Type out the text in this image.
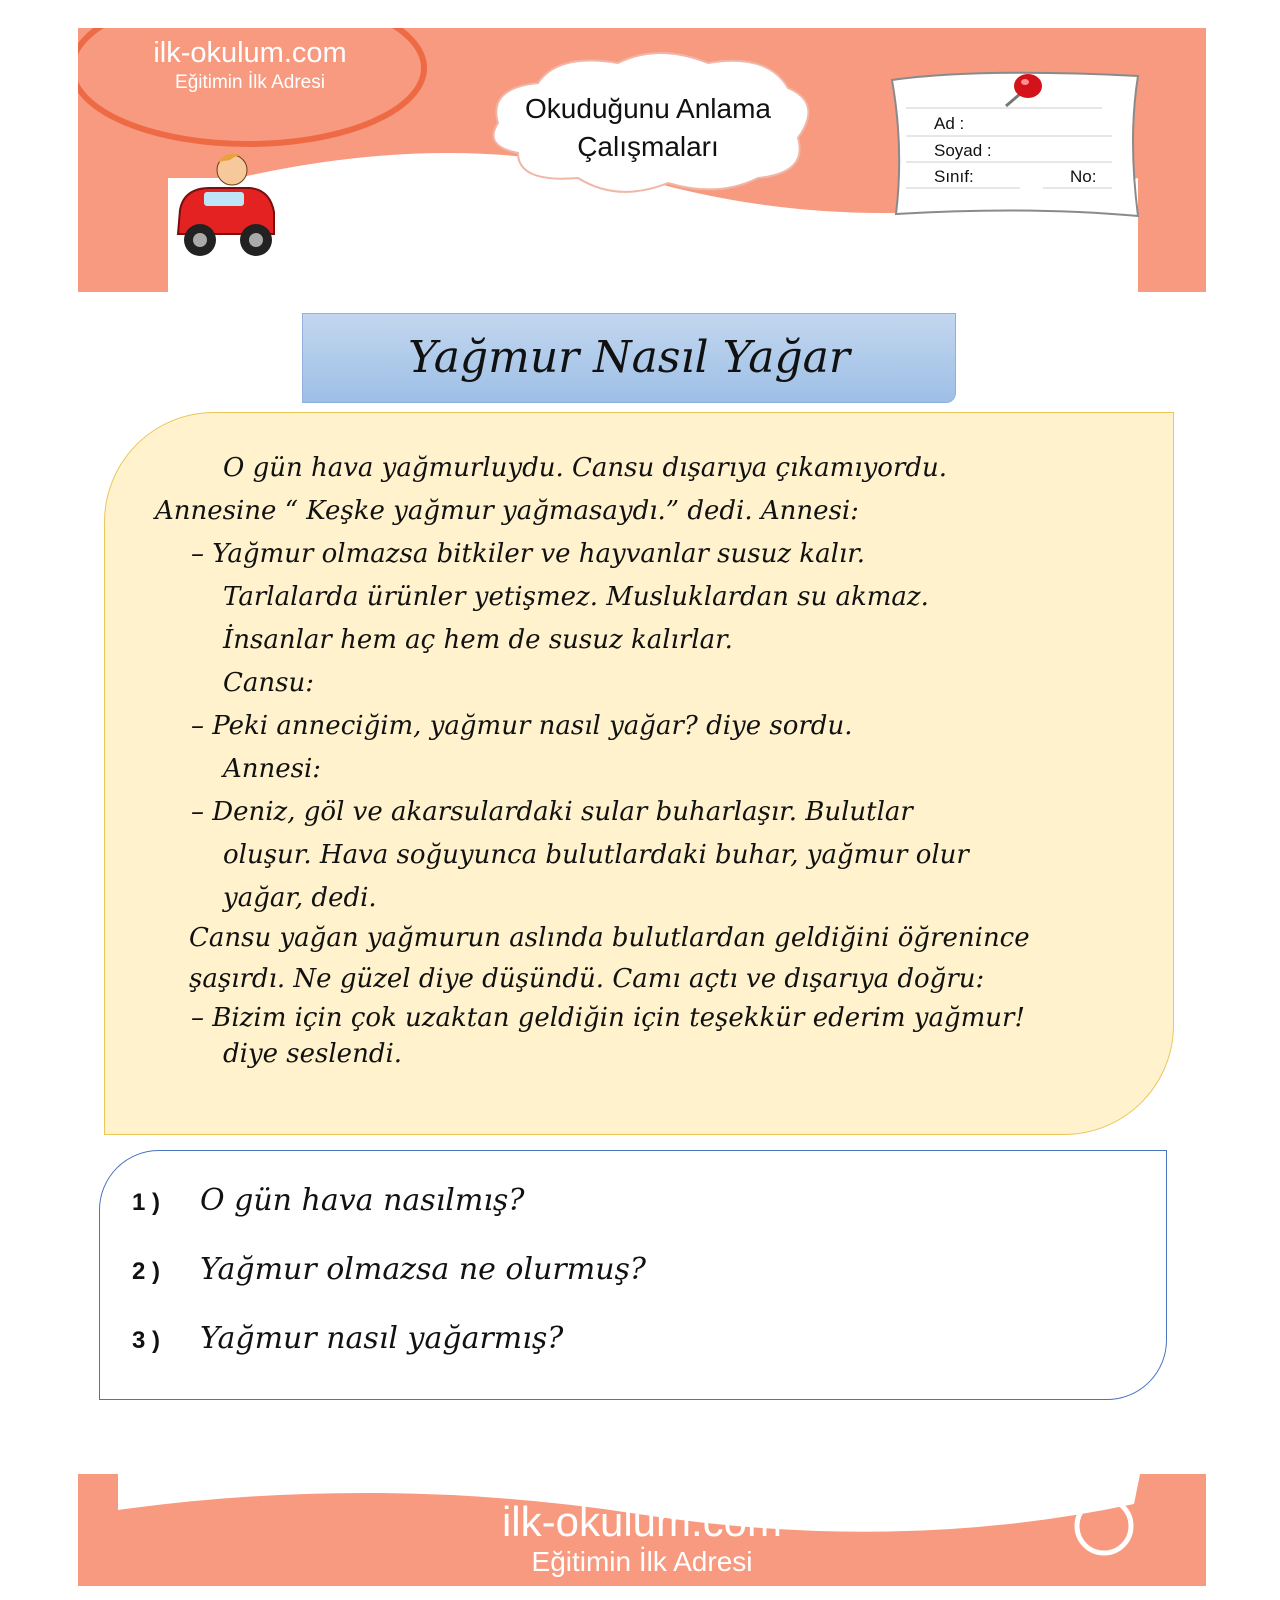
ilk-okulum.com
Eğitimin İlk Adresi
Okuduğunu Anlama
Çalışmaları
Ad :
Soyad :
Sınıf:	No:
Yağmur Nasıl Yağar
O gün hava yağmurluydu. Cansu dışarıya çıkamıyordu.
Annesine “ Keşke yağmur yağmasaydı.” dedi. Annesi:
– Yağmur olmazsa bitkiler ve hayvanlar susuz kalır.
Tarlalarda ürünler yetişmez. Musluklardan su akmaz.
İnsanlar hem aç hem de susuz kalırlar.
Cansu:
– Peki anneciğim, yağmur nasıl yağar? diye sordu.
Annesi:
– Deniz, göl ve akarsulardaki sular buharlaşır. Bulutlar
oluşur. Hava soğuyunca bulutlardaki buhar, yağmur olur
yağar, dedi.
Cansu yağan yağmurun aslında bulutlardan geldiğini öğrenince
şaşırdı. Ne güzel diye düşündü. Camı açtı ve dışarıya doğru:
– Bizim için çok uzaktan geldiğin için teşekkür ederim yağmur!
diye seslendi.
1 ) O gün hava nasılmış?
2 ) Yağmur olmazsa ne olurmuş?
3 ) Yağmur nasıl yağarmış?
ilk-okulum.com
Eğitimin İlk Adresi
